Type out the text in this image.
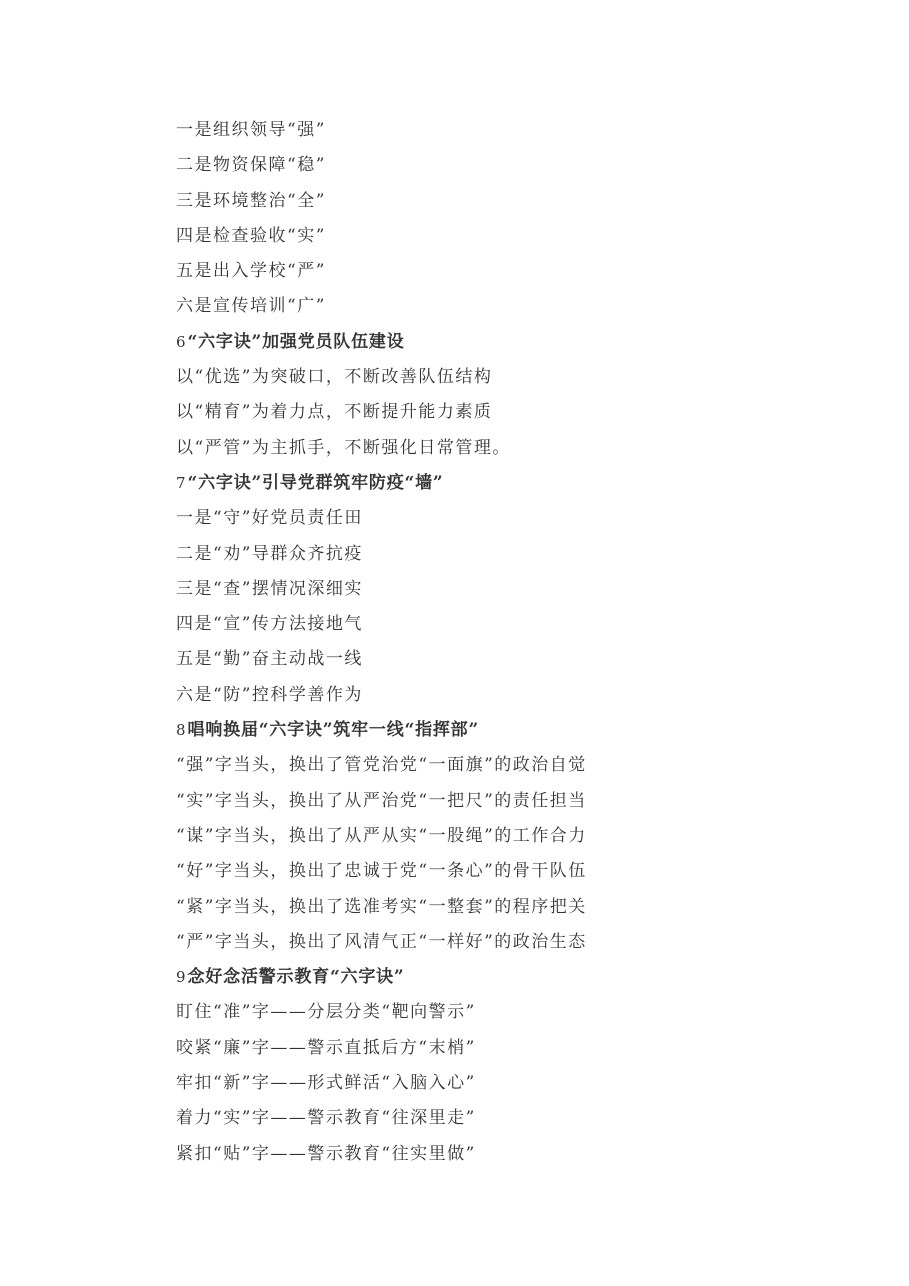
一是组织领导“强”
二是物资保障“稳”
三是环境整治“全”
四是检查验收“实”
五是出入学校“严”
六是宣传培训“广”
6 “六字诀”加强党员队伍建设
以“优选”为突破口，不断改善队伍结构
以“精育”为着力点，不断提升能力素质
以“严管”为主抓手，不断强化日常管理。
7 “六字诀”引导党群筑牢防疫“墙”
一是“守”好党员责任田
二是“劝”导群众齐抗疫
三是“查”摆情况深细实
四是“宣”传方法接地气
五是“勤”奋主动战一线
六是“防”控科学善作为
8 唱响换届“六字诀”筑牢一线“指挥部”
“强”字当头，换出了管党治党“一面旗”的政治自觉
“实”字当头，换出了从严治党“一把尺”的责任担当
“谋”字当头，换出了从严从实“一股绳”的工作合力
“好”字当头，换出了忠诚于党“一条心”的骨干队伍
“紧”字当头，换出了选准考实“一整套”的程序把关
“严”字当头，换出了风清气正“一样好”的政治生态
9 念好念活警示教育“六字诀”
盯住“准”字——分层分类“靶向警示”
咬紧“廉”字——警示直抵后方“末梢”
牢扣“新”字——形式鲜活“入脑入心”
着力“实”字——警示教育“往深里走”
紧扣“贴”字——警示教育“往实里做”
